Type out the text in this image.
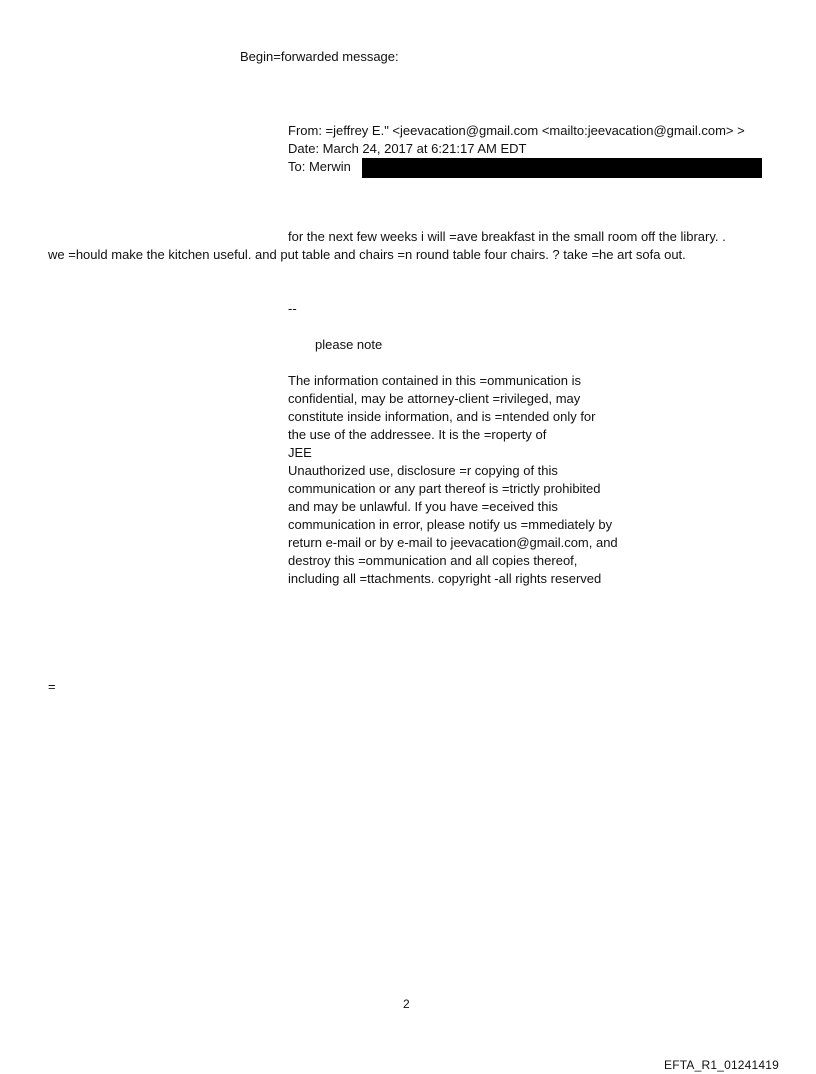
Begin=forwarded message:
From: =jeffrey E." <jeevacation@gmail.com <mailto:jeevacation@gmail.com> >
Date: March 24, 2017 at 6:21:17 AM EDT
To: Merwin
for the next few weeks i will =ave breakfast in the small room off the library. .
we =hould make the kitchen useful. and put table and chairs =n round table four chairs. ? take =he art sofa out.
--
please note
The information contained in this =ommunication is
confidential, may be attorney-client =rivileged, may
constitute inside information, and is =ntended only for
the use of the addressee. It is the =roperty of
JEE
Unauthorized use, disclosure =r copying of this
communication or any part thereof is =trictly prohibited
and may be unlawful. If you have =eceived this
communication in error, please notify us =mmediately by
return e-mail or by e-mail to jeevacation@gmail.com, and
destroy this =ommunication and all copies thereof,
including all =ttachments. copyright -all rights reserved
=
2
EFTA_R1_01241419
